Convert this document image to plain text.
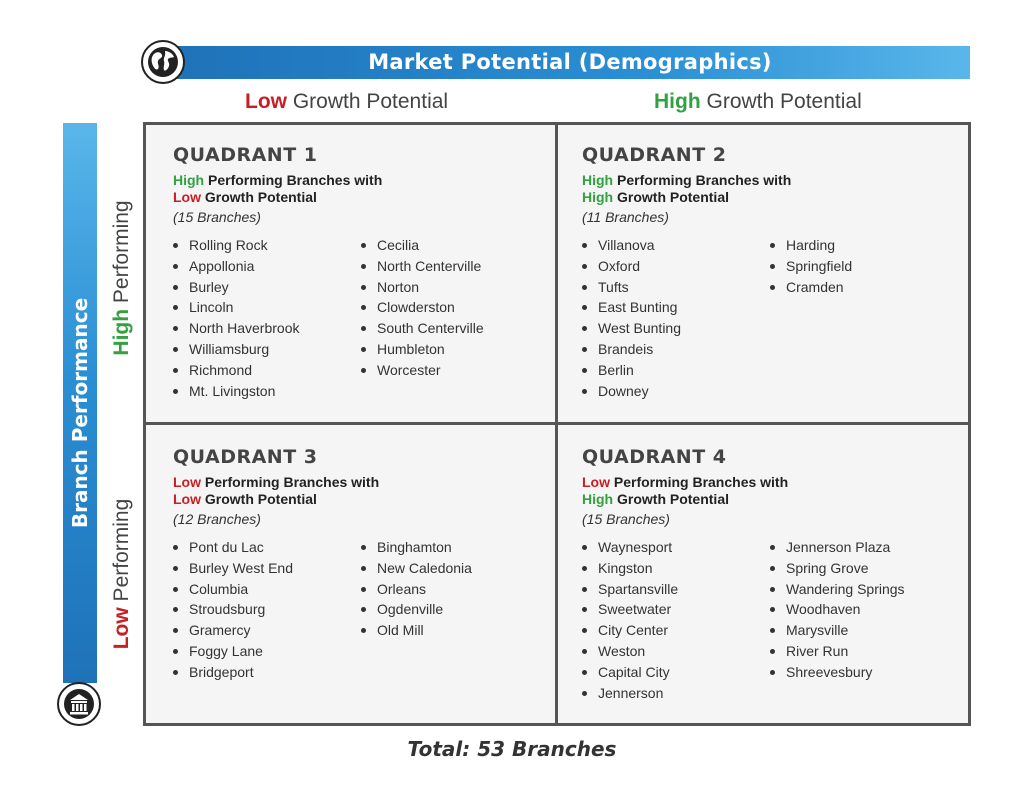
Market Potential (Demographics)
Low Growth Potential	High Growth Potential
Branch Performance High Performing
Low Performing
QUADRANT 1
High Performing Branches with
Low Growth Potential
(15 Branches)
Rolling Rock
Appollonia
Burley
Lincoln
North Haverbrook
Williamsburg
Richmond
Mt. Livingston
Cecilia
North Centerville
Norton
Clowderston
South Centerville
Humbleton
Worcester
QUADRANT 2
High Performing Branches with
High Growth Potential
(11 Branches)
Villanova
Oxford
Tufts
East Bunting
West Bunting
Brandeis
Berlin
Downey
Harding
Springfield
Cramden
QUADRANT 3
Low Performing Branches with
Low Growth Potential
(12 Branches)
Pont du Lac
Burley West End
Columbia
Stroudsburg
Gramercy
Foggy Lane
Bridgeport
Binghamton
New Caledonia
Orleans
Ogdenville
Old Mill
QUADRANT 4
Low Performing Branches with
High Growth Potential
(15 Branches)
Waynesport
Kingston
Spartansville
Sweetwater
City Center
Weston
Capital City
Jennerson
Jennerson Plaza
Spring Grove
Wandering Springs
Woodhaven
Marysville
River Run
Shreevesbury
Total: 53 Branches
